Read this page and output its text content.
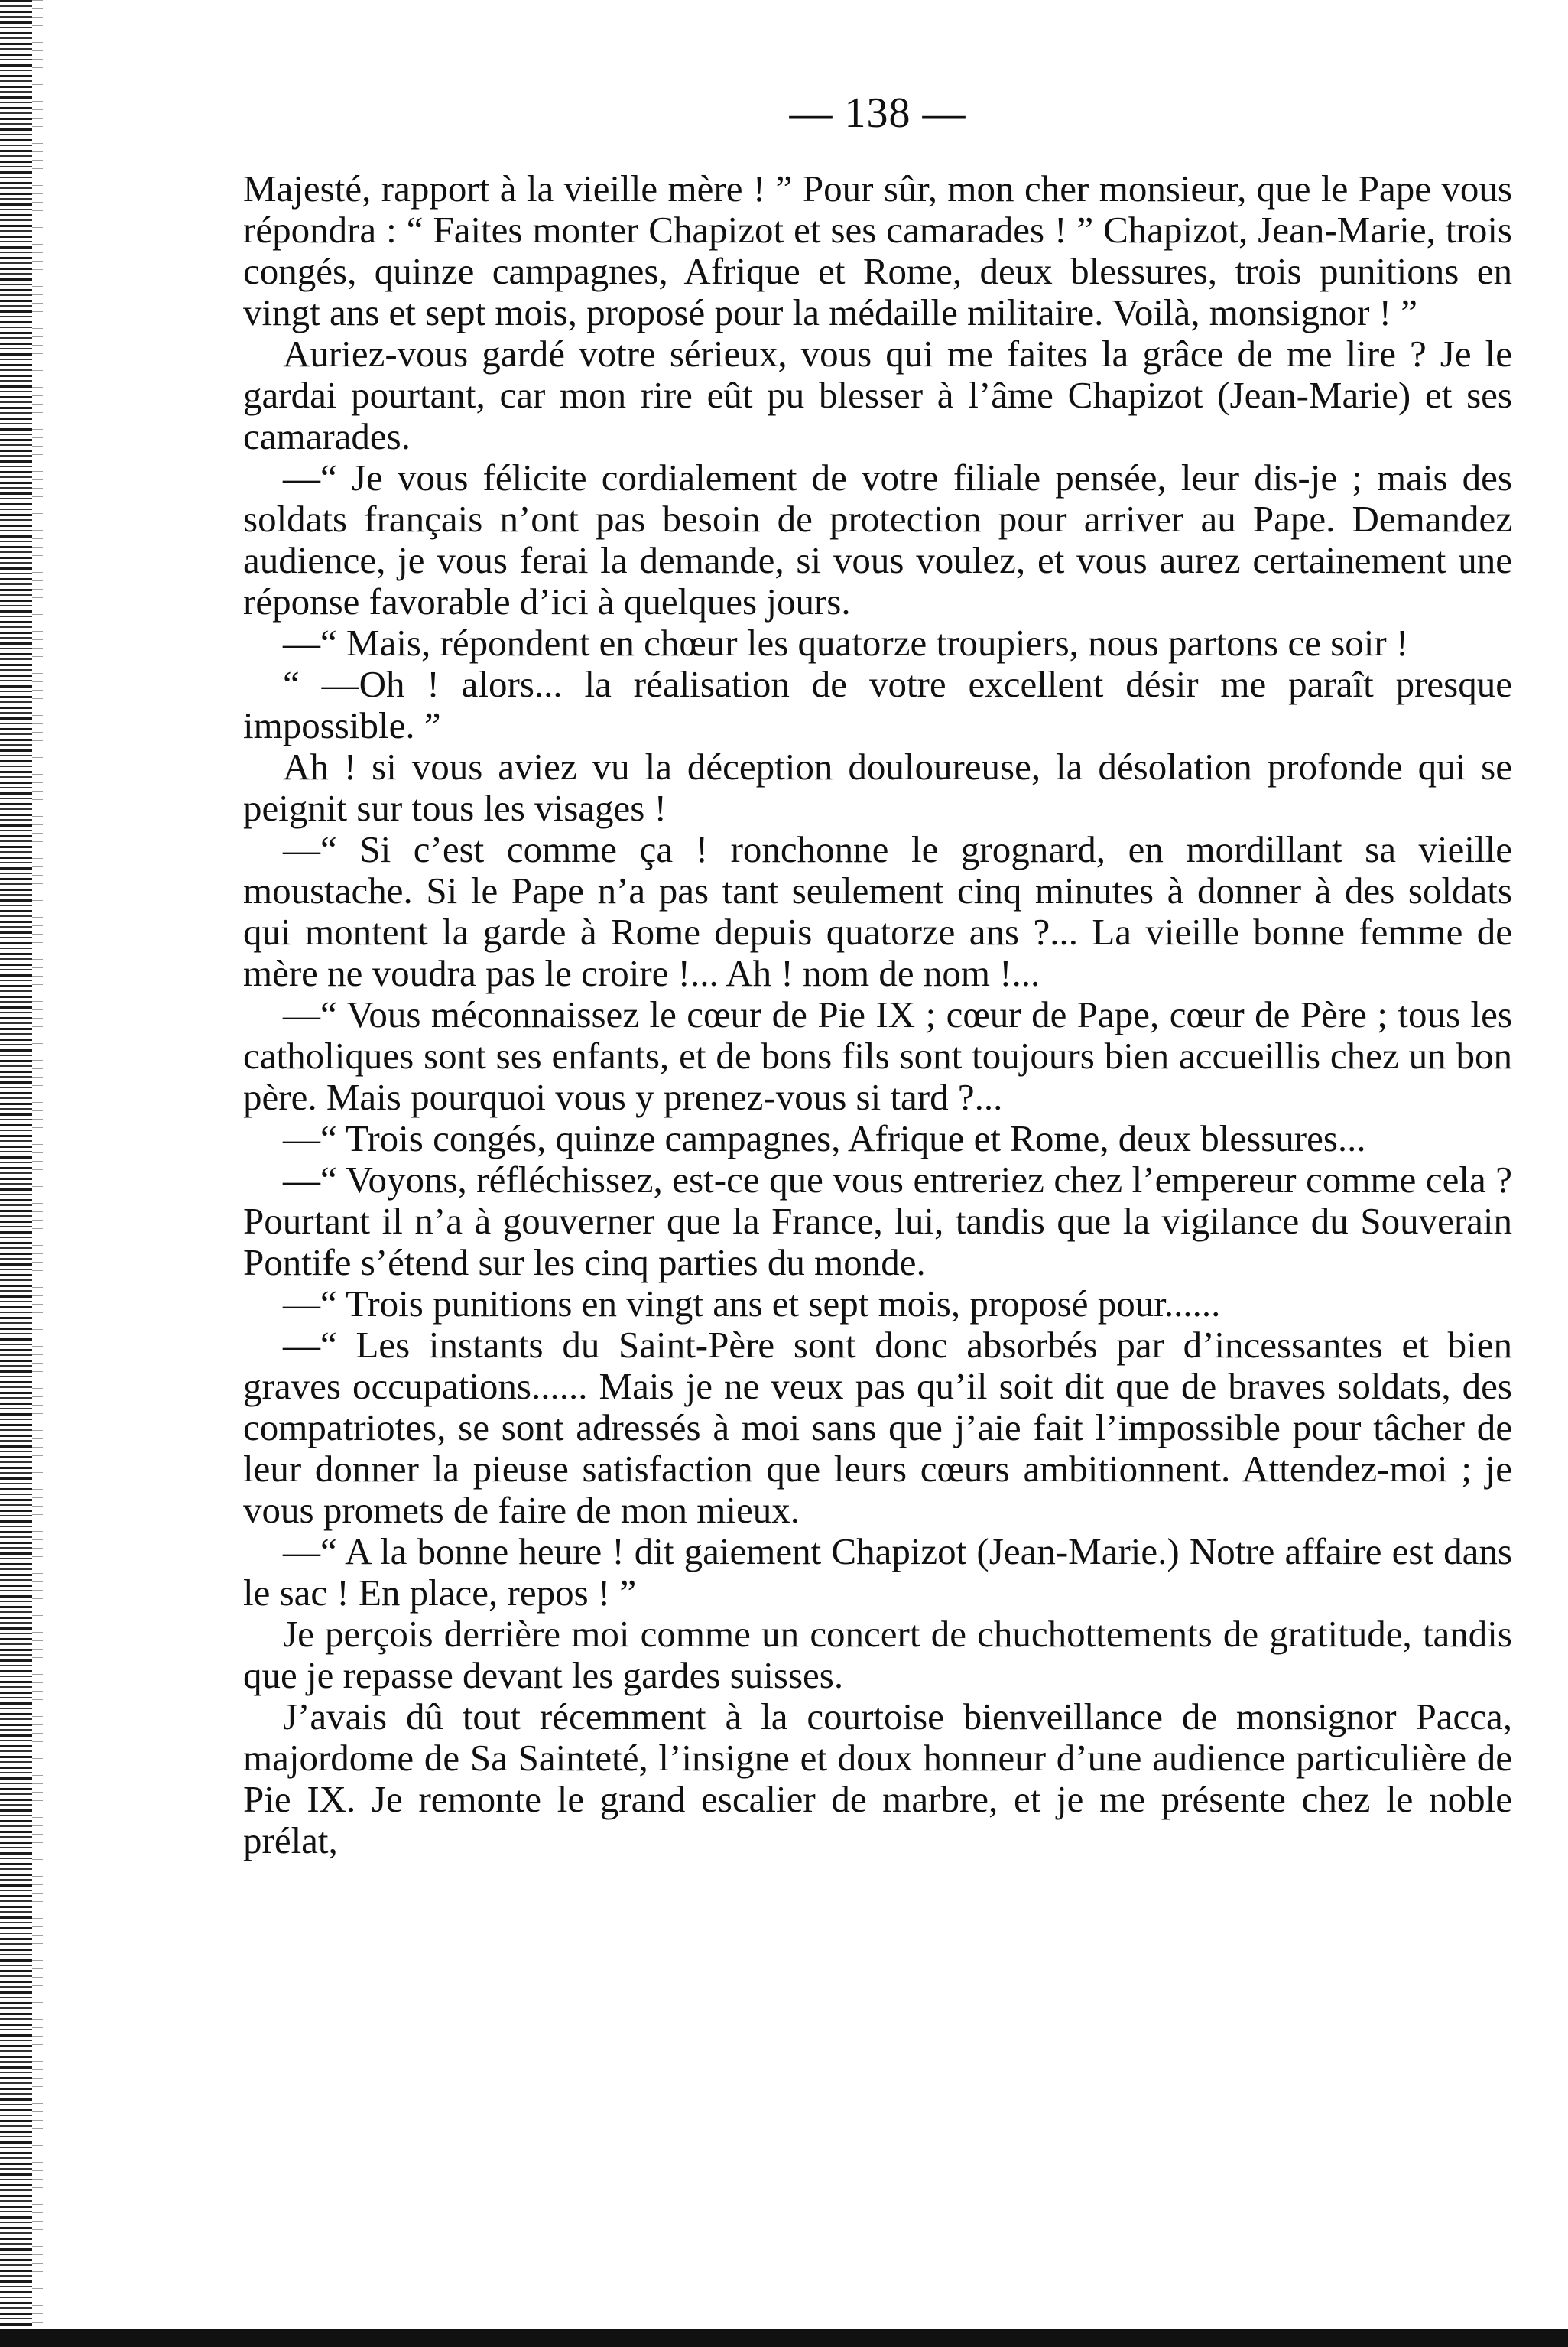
— 138 —

Majesté, rapport à la vieille mère ! ” Pour sûr, mon cher monsieur, que le Pape vous répondra : “ Faites monter Chapizot et ses camarades ! ” Chapizot, Jean-Marie, trois congés, quinze campagnes, Afrique et Rome, deux blessures, trois punitions en vingt ans et sept mois, proposé pour la médaille militaire. Voilà, monsignor ! ”

Auriez-vous gardé votre sérieux, vous qui me faites la grâce de me lire ? Je le gardai pourtant, car mon rire eût pu blesser à l’âme Chapizot (Jean-Marie) et ses camarades.

—“ Je vous félicite cordialement de votre filiale pensée, leur dis-je ; mais des soldats français n’ont pas besoin de protection pour arriver au Pape. Demandez audience, je vous ferai la demande, si vous voulez, et vous aurez certainement une réponse favorable d’ici à quelques jours.

—“ Mais, répondent en chœur les quatorze troupiers, nous partons ce soir !

“ —Oh ! alors... la réalisation de votre excellent désir me paraît presque impossible. ”

Ah ! si vous aviez vu la déception douloureuse, la désolation profonde qui se peignit sur tous les visages !

—“ Si c’est comme ça ! ronchonne le grognard, en mordillant sa vieille moustache. Si le Pape n’a pas tant seulement cinq minutes à donner à des soldats qui montent la garde à Rome depuis quatorze ans ?... La vieille bonne femme de mère ne voudra pas le croire !... Ah ! nom de nom !...

—“ Vous méconnaissez le cœur de Pie IX ; cœur de Pape, cœur de Père ; tous les catholiques sont ses enfants, et de bons fils sont toujours bien accueillis chez un bon père. Mais pourquoi vous y prenez-vous si tard ?...

—“ Trois congés, quinze campagnes, Afrique et Rome, deux blessures...

—“ Voyons, réfléchissez, est-ce que vous entreriez chez l’empereur comme cela ? Pourtant il n’a à gouverner que la France, lui, tandis que la vigilance du Souverain Pontife s’étend sur les cinq parties du monde.

—“ Trois punitions en vingt ans et sept mois, proposé pour......

—“ Les instants du Saint-Père sont donc absorbés par d’incessantes et bien graves occupations...... Mais je ne veux pas qu’il soit dit que de braves soldats, des compatriotes, se sont adressés à moi sans que j’aie fait l’impossible pour tâcher de leur donner la pieuse satisfaction que leurs cœurs ambitionnent. Attendez-moi ; je vous promets de faire de mon mieux.

—“ A la bonne heure ! dit gaiement Chapizot (Jean-Marie.) Notre affaire est dans le sac ! En place, repos ! ”

Je perçois derrière moi comme un concert de chuchottements de gratitude, tandis que je repasse devant les gardes suisses.

J’avais dû tout récemment à la courtoise bienveillance de monsignor Pacca, majordome de Sa Sainteté, l’insigne et doux honneur d’une audience particulière de Pie IX. Je remonte le grand escalier de marbre, et je me présente chez le noble prélat,
